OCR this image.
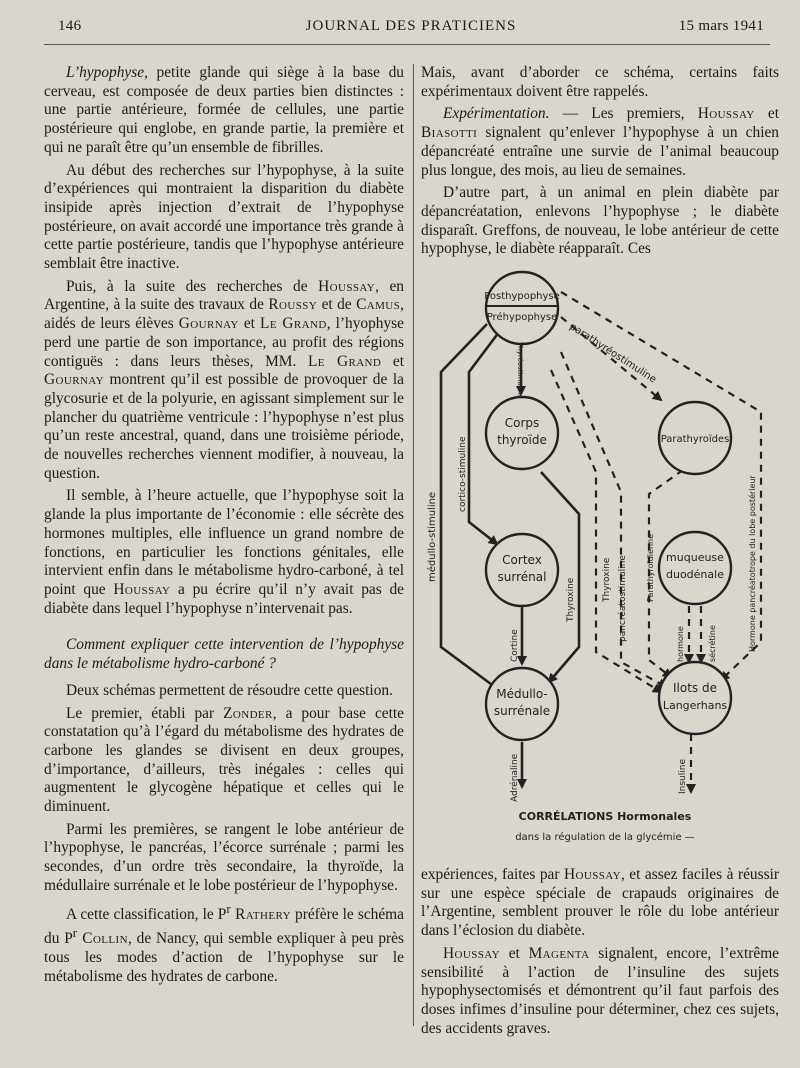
146	JOURNAL DES PRATICIENS	15 mars 1941

L’hypophyse, petite glande qui siège à la base du cerveau, est composée de deux parties bien distinctes : une partie antérieure, formée de cellules, une partie postérieure qui englobe, en grande partie, la première et qui ne paraît être qu’un ensemble de fibrilles.

Au début des recherches sur l’hypophyse, à la suite d’expériences qui montraient la disparition du diabète insipide après injection d’extrait de l’hypophyse postérieure, on avait accordé une importance très grande à cette partie postérieure, tandis que l’hypophyse antérieure semblait être inactive.

Puis, à la suite des recherches de Houssay, en Argentine, à la suite des travaux de Roussy et de Camus, aidés de leurs élèves Gournay et Le Grand, l’hyophyse perd une partie de son importance, au profit des régions contiguës : dans leurs thèses, MM. Le Grand et Gournay montrent qu’il est possible de provoquer de la glycosurie et de la polyurie, en agissant simplement sur le plancher du quatrième ventricule : l’hypophyse n’est plus qu’un reste ancestral, quand, dans une troisième période, de nouvelles recherches viennent modifier, à nouveau, la question.

Il semble, à l’heure actuelle, que l’hypophyse soit la glande la plus importante de l’économie : elle sécrète des hormones multiples, elle influence un grand nombre de fonctions, en particulier les fonctions génitales, elle intervient enfin dans le métabolisme hydro-carboné, à tel point que Houssay a pu écrire qu’il n’y avait pas de diabète dans lequel l’hypophyse n’intervenait pas.

Comment expliquer cette intervention de l’hypophyse dans le métabolisme hydro-carboné ?

Deux schémas permettent de résoudre cette question.

Le premier, établi par Zonder, a pour base cette constatation qu’à l’égard du métabolisme des hydrates de carbone les glandes se divisent en deux groupes, d’importance, d’ailleurs, très inégales : celles qui augmentent le glycogène hépatique et celles qui le diminuent.

Parmi les premières, se rangent le lobe antérieur de l’hypophyse, le pancréas, l’écorce surrénale ; parmi les secondes, d’un ordre très secondaire, la thyroïde, la médullaire surrénale et le lobe postérieur de l’hypophyse.

A cette classification, le $P^r$ Rathery préfère le schéma du $P^r$ Collin, de Nancy, qui semble expliquer à peu près tous les modes d’action de l’hypophyse sur le métabolisme des hydrates de carbone.

Mais, avant d’aborder ce schéma, certains faits expérimentaux doivent être rappelés.

Expérimentation. — Les premiers, Houssay et Biasotti signalent qu’enlever l’hypophyse à un chien dépancréaté entraîne une survie de l’animal beaucoup plus longue, des mois, au lieu de semaines.

D’autre part, à un animal en plein diabète par dépancréatation, enlevons l’hypophyse ; le diabète disparaît. Greffons, de nouveau, le lobe antérieur de cette hypophyse, le diabète réapparaît. Ces

Posthypophyse
Préhypophyse
Corps
thyroïde	Parathyroïdes
Cortex
surrénal
muqueuse
duodénale
Médullo-
surrénale
Ilots de
Langerhans
parathyréostimuline
Thyréostimuline
médullo-stimuline
cortico-stimuline
Hormone pancréatotrope du lobe postérieur
Thyroxine	Thyroxine pancréatostimuline Parathyroïdienne
hormone	sécrétine
Cortine
Adrénaline	Insuline
CORRÉLATIONS Hormonales
dans la régulation de la glycémie —

expériences, faites par Houssay, et assez faciles à réussir sur une espèce spéciale de crapauds originaires de l’Argentine, semblent prouver le rôle du lobe antérieur dans l’éclosion du diabète.

Houssay et Magenta signalent, encore, l’extrême sensibilité à l’action de l’insuline des sujets hypophysectomisés et démontrent qu’il faut parfois des doses infimes d’insuline pour déterminer, chez ces sujets, des accidents graves.
